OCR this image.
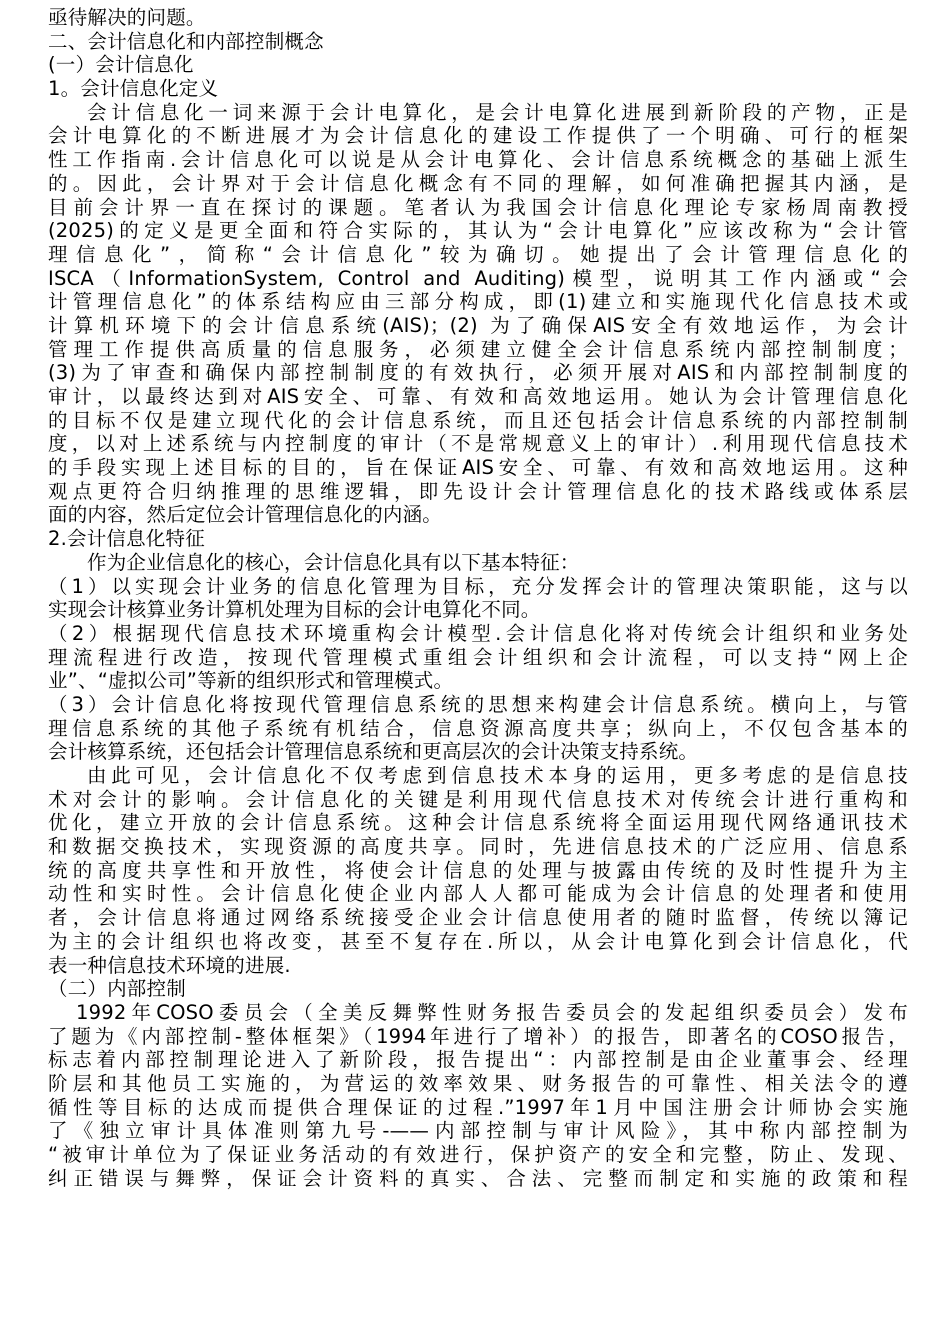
亟待解决的问题。
二、会计信息化和内部控制概念
(一）会计信息化
1。会计信息化定义
会计信息化一词来源于会计电算化，是会计电算化进展到新阶段的产物，正是
会计电算化的不断进展才为会计信息化的建设工作提供了一个明确、可行的框架
性工作指南.会计信息化可以说是从会计电算化、会计信息系统概念的基础上派生
的。因此，会计界对于会计信息化概念有不同的理解，如何准确把握其内涵，是
目前会计界一直在探讨的课题。笔者认为我国会计信息化理论专家杨周南教授
(2025)的定义是更全面和符合实际的，其认为“会计电算化”应该改称为“会计管
理信息化”，简称“会计信息化”较为确切。她提出了会计管理信息化的
ISCA（InformationSystem, Control and Auditing)模型，说明其工作内涵或“会
计管理信息化”的体系结构应由三部分构成，即(1)建立和实施现代化信息技术或
计算机环境下的会计信息系统(AIS)；(2) 为了确保AIS安全有效地运作，为会计
管理工作提供高质量的信息服务，必须建立健全会计信息系统内部控制制度；
(3)为了审查和确保内部控制制度的有效执行，必须开展对AIS和内部控制制度的
审计，以最终达到对AIS安全、可靠、有效和高效地运用。她认为会计管理信息化
的目标不仅是建立现代化的会计信息系统，而且还包括会计信息系统的内部控制制
度，以对上述系统与内控制度的审计（不是常规意义上的审计）.利用现代信息技术
的手段实现上述目标的目的，旨在保证AIS安全、可靠、有效和高效地运用。这种
观点更符合归纳推理的思维逻辑，即先设计会计管理信息化的技术路线或体系层
面的内容，然后定位会计管理信息化的内涵。
2.会计信息化特征
作为企业信息化的核心，会计信息化具有以下基本特征：
（1）以实现会计业务的信息化管理为目标，充分发挥会计的管理决策职能，这与以
实现会计核算业务计算机处理为目标的会计电算化不同。
（2）根据现代信息技术环境重构会计模型.会计信息化将对传统会计组织和业务处
理流程进行改造，按现代管理模式重组会计组织和会计流程，可以支持“网上企
业”、“虚拟公司”等新的组织形式和管理模式。
（3）会计信息化将按现代管理信息系统的思想来构建会计信息系统。横向上，与管
理信息系统的其他子系统有机结合，信息资源高度共享；纵向上，不仅包含基本的
会计核算系统，还包括会计管理信息系统和更高层次的会计决策支持系统。
由此可见，会计信息化不仅考虑到信息技术本身的运用，更多考虑的是信息技
术对会计的影响。会计信息化的关键是利用现代信息技术对传统会计进行重构和
优化，建立开放的会计信息系统。这种会计信息系统将全面运用现代网络通讯技术
和数据交换技术，实现资源的高度共享。同时，先进信息技术的广泛应用、信息系
统的高度共享性和开放性，将使会计信息的处理与披露由传统的及时性提升为主
动性和实时性。会计信息化使企业内部人人都可能成为会计信息的处理者和使用
者，会计信息将通过网络系统接受企业会计信息使用者的随时监督，传统以簿记
为主的会计组织也将改变，甚至不复存在.所以，从会计电算化到会计信息化，代
表一种信息技术环境的进展.
（二）内部控制
1992年COSO委员会（全美反舞弊性财务报告委员会的发起组织委员会）发布
了题为《内部控制-整体框架》（1994年进行了增补）的报告，即著名的COSO报告，
标志着内部控制理论进入了新阶段，报告提出“：内部控制是由企业董事会、经理
阶层和其他员工实施的，为营运的效率效果、财务报告的可靠性、相关法令的遵
循性等目标的达成而提供合理保证的过程.”1997年1月中国注册会计师协会实施
了《独立审计具体准则第九号-——内部控制与审计风险》，其中称内部控制为
“被审计单位为了保证业务活动的有效进行，保护资产的安全和完整，防止、发现、
纠正错误与舞弊，保证会计资料的真实、合法、完整而制定和实施的政策和程
